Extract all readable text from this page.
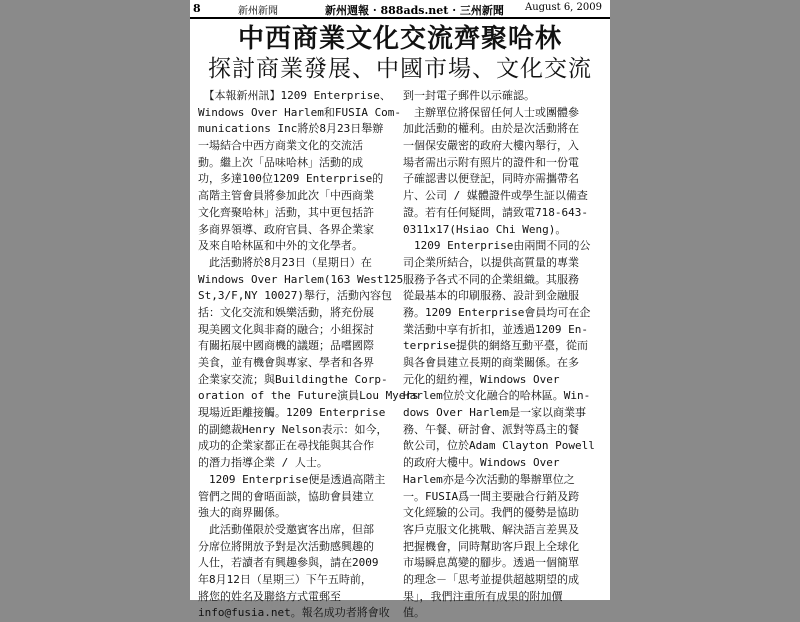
8	新州新聞	新州週報 · 888ads.net · 三州新聞 August 6, 2009
中西商業文化交流齊聚哈林
探討商業發展、中國市場、文化交流
　【本報新州訊】1209 Enterprise、
Windows Over Harlem和FUSIA Com-
munications Inc將於8月23日舉辦
一場結合中西方商業文化的交流活
動。繼上次「品味哈林」活動的成
功，多達100位1209 Enterprise的
高階主管會員將參加此次「中西商業
文化齊聚哈林」活動，其中更包括許
多商界領導、政府官員、各界企業家
及來自哈林區和中外的文化學者。
　此活動將於8月23日（星期日）在
Windows Over Harlem(163 West125
St,3/F,NY 10027)舉行，活動內容包
括：文化交流和娛樂活動，將充份展
現美國文化與非裔的融合；小組探討
有關拓展中國商機的議題；品嚐國際
美食，並有機會與專家、學者和各界
企業家交流；與Buildingthe Corp-
oration of the Future演員Lou Myers
現場近距離接觸。1209 Enterprise
的副總裁Henry Nelson表示：如今，
成功的企業家都正在尋找能與其合作
的潛力指導企業 / 人士。
　1209 Enterprise便是透過高階主
管們之間的會晤面談，協助會員建立
強大的商界關係。
　此活動僅限於受邀賓客出席，但部
分席位將開放予對是次活動感興趣的
人仕，若讀者有興趣參與，請在2009
年8月12日（星期三）下午五時前，
將您的姓名及聯絡方式電郵至
info@fusia.net。報名成功者將會收
到一封電子郵件以示確認。
　主辦單位將保留任何人士或團體參
加此活動的權利。由於是次活動將在
一個保安嚴密的政府大樓內舉行，入
場者需出示附有照片的證件和一份電
子確認書以便登記，同時亦需攜帶名
片、公司 / 媒體證件或學生証以備查
證。若有任何疑問，請致電718-643-
0311x17(Hsiao Chi Weng)。
　1209 Enterprise由兩間不同的公
司企業所結合，以提供高質量的專業
服務予各式不同的企業組織。其服務
從最基本的印刷服務、設計到金融服
務。1209 Enterprise會員均可在企
業活動中享有折扣，並透過1209 En-
terprise提供的網絡互動平臺，從而
與各會員建立長期的商業關係。在多
元化的紐約裡，Windows Over
Harlem位於文化融合的哈林區。Win-
dows Over Harlem是一家以商業事
務、午餐、研討會、派對等爲主的餐
飲公司，位於Adam Clayton Powell
的政府大樓中。Windows Over
Harlem亦是今次活動的舉辦單位之
一。FUSIA爲一間主要融合行銷及跨
文化經驗的公司。我們的優勢是協助
客戶克服文化挑戰、解決語言差異及
把握機會，同時幫助客戶跟上全球化
市場瞬息萬變的腳步。透過一個簡單
的理念－「思考並提供超越期望的成
果」，我們注重所有成果的附加價
值。
